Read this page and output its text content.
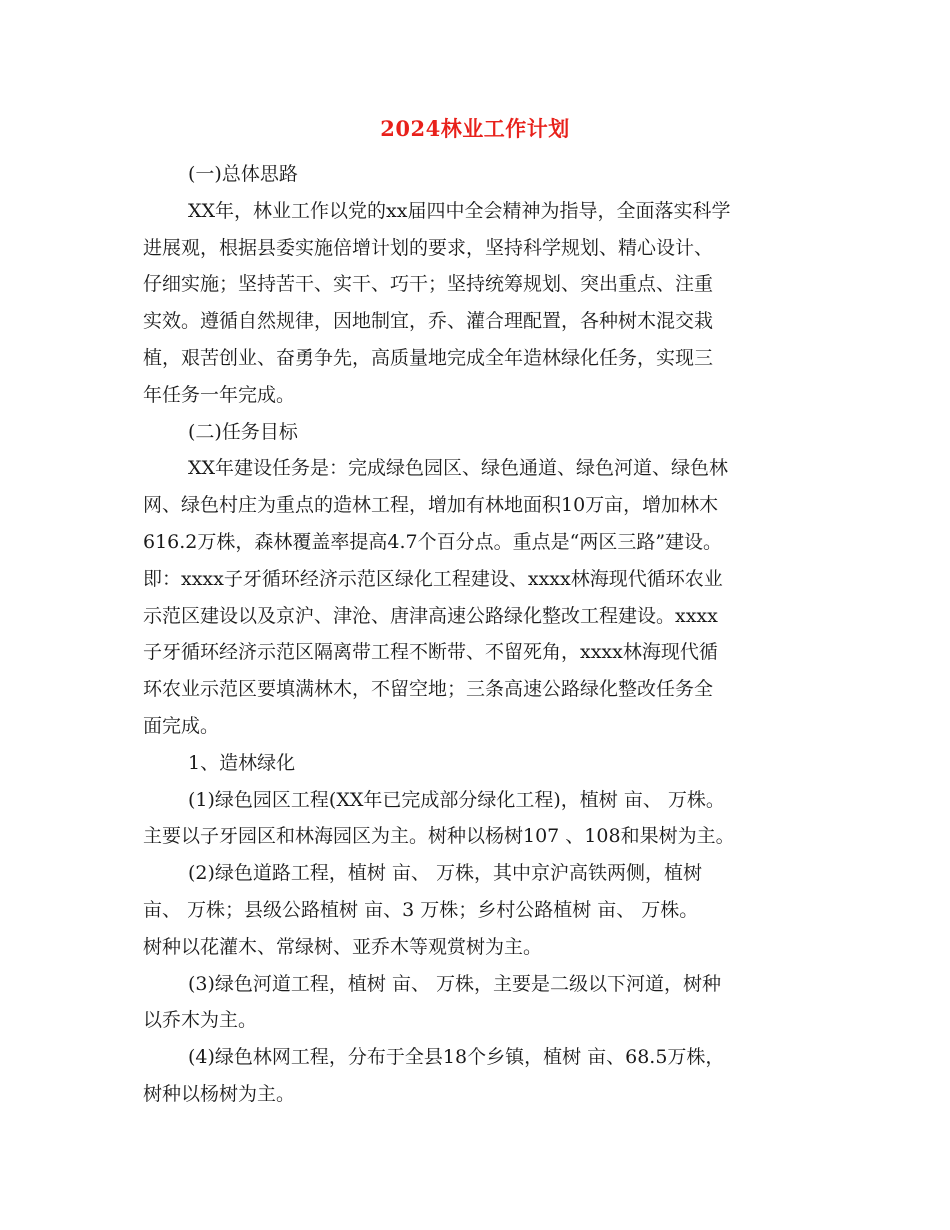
2024林业工作计划
(一)总体思路
XX年，林业工作以党的xx届四中全会精神为指导，全面落实科学
进展观，根据县委实施倍增计划的要求，坚持科学规划、精心设计、
仔细实施；坚持苦干、实干、巧干；坚持统筹规划、突出重点、注重
实效。遵循自然规律，因地制宜，乔、灌合理配置，各种树木混交栽
植，艰苦创业、奋勇争先，高质量地完成全年造林绿化任务，实现三
年任务一年完成。
(二)任务目标
XX年建设任务是：完成绿色园区、绿色通道、绿色河道、绿色林
网、绿色村庄为重点的造林工程，增加有林地面积10万亩，增加林木
616.2万株，森林覆盖率提高4.7个百分点。重点是“两区三路”建设。
即：xxxx子牙循环经济示范区绿化工程建设、xxxx林海现代循环农业
示范区建设以及京沪、津沧、唐津高速公路绿化整改工程建设。xxxx
子牙循环经济示范区隔离带工程不断带、不留死角，xxxx林海现代循
环农业示范区要填满林木，不留空地；三条高速公路绿化整改任务全
面完成。
1、造林绿化
(1)绿色园区工程(XX年已完成部分绿化工程)，植树 亩、 万株。
主要以子牙园区和林海园区为主。树种以杨树107 、108和果树为主。
(2)绿色道路工程，植树 亩、 万株，其中京沪高铁两侧，植树
亩、 万株；县级公路植树 亩、3 万株；乡村公路植树 亩、 万株。
树种以花灌木、常绿树、亚乔木等观赏树为主。
(3)绿色河道工程，植树 亩、 万株，主要是二级以下河道，树种
以乔木为主。
(4)绿色林网工程，分布于全县18个乡镇，植树 亩、68.5万株，
树种以杨树为主。
